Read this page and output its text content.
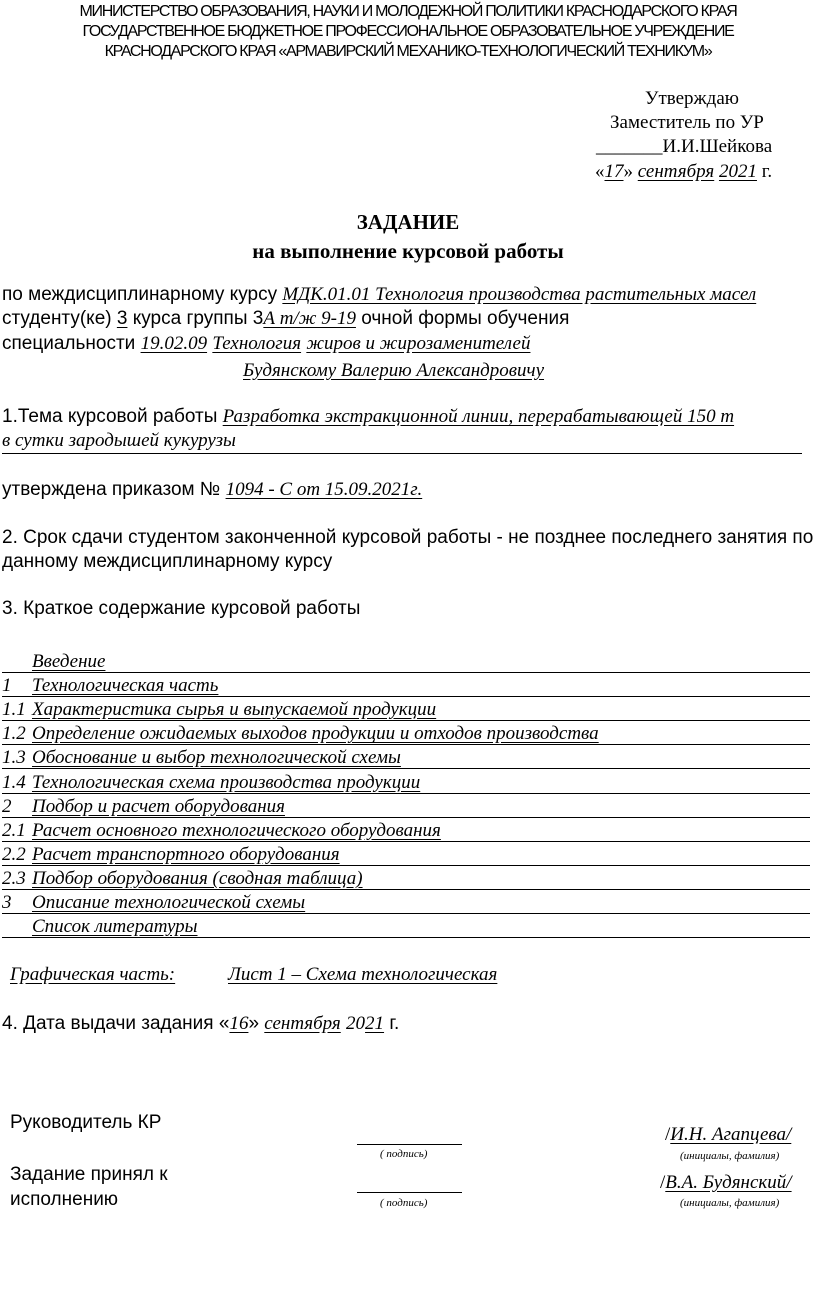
МИНИСТЕРСТВО ОБРАЗОВАНИЯ, НАУКИ И МОЛОДЕЖНОЙ ПОЛИТИКИ КРАСНОДАРСКОГО КРАЯ
ГОСУДАРСТВЕННОЕ БЮДЖЕТНОЕ ПРОФЕССИОНАЛЬНОЕ ОБРАЗОВАТЕЛЬНОЕ УЧРЕЖДЕНИЕ
КРАСНОДАРСКОГО КРАЯ «АРМАВИРСКИЙ МЕХАНИКО-ТЕХНОЛОГИЧЕСКИЙ ТЕХНИКУМ»
Утверждаю
Заместитель по УР
_______И.И.Шейкова
«17» сентября 2021 г.
ЗАДАНИЕ
на выполнение курсовой работы
по междисциплинарному курсу МДК.01.01 Технология производства растительных масел
студенту(ке) 3 курса группы 3А т/ж 9-19 очной формы обучения
специальности 19.02.09 Технология жиров и жирозаменителей
Будянскому Валерию Александровичу
1.Тема курсовой работы Разработка экстракционной линии, перерабатывающей 150 т
в сутки зародышей кукурузы
утверждена приказом № 1094 - С от 15.09.2021г.
2. Срок сдачи студентом законченной курсовой работы - не позднее последнего занятия по
данному междисциплинарному курсу
3. Краткое содержание курсовой работы
Введение
1 Технологическая часть
1.1 Характеристика сырья и выпускаемой продукции
1.2 Определение ожидаемых выходов продукции и отходов производства
1.3 Обоснование и выбор технологической схемы
1.4 Технологическая схема производства продукции
2 Подбор и расчет оборудования
2.1 Расчет основного технологического оборудования
2.2 Расчет транспортного оборудования
2.3 Подбор оборудования (сводная таблица)
3 Описание технологической схемы
Список литературы
Графическая часть:	Лист 1 – Схема технологическая
4. Дата выдачи задания «16» сентября 2021 г.
Руководитель КР
( подпись)
/И.Н. Агапцева/
(инициалы, фамилия)
Задание принял к
исполнению	( подпись)
/В.А. Будянский/
(инициалы, фамилия)
